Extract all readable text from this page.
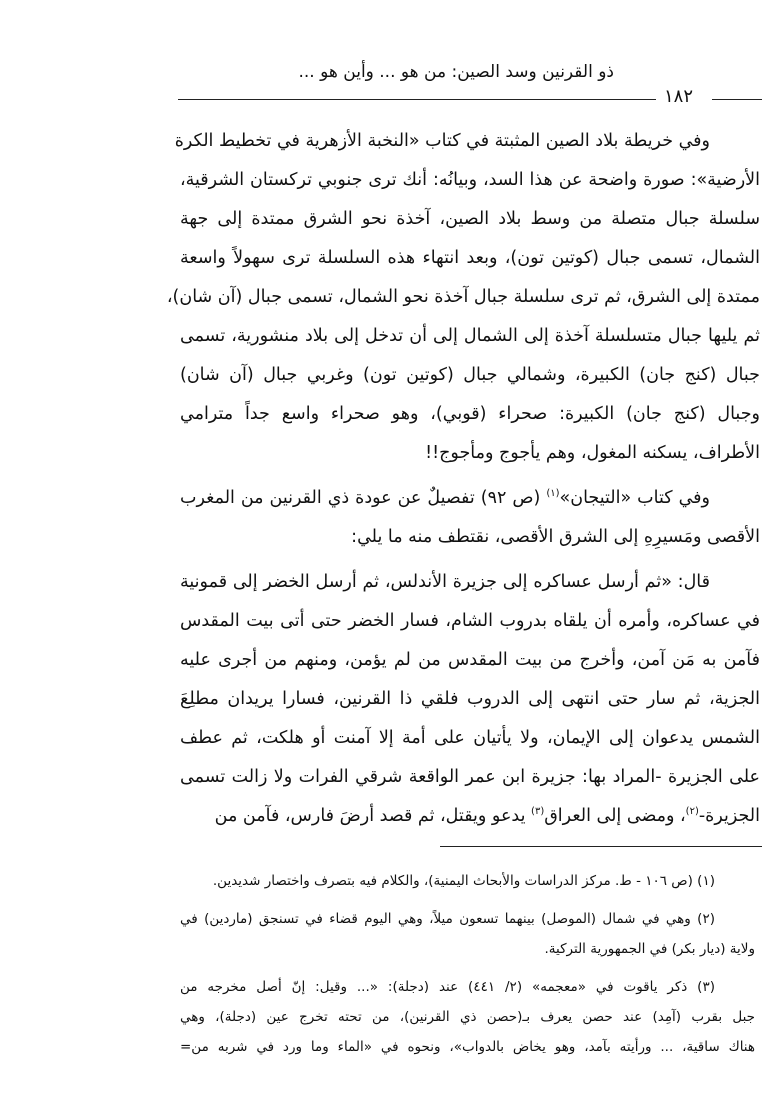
ذو القرنين وسد الصين: من هو ... وأين هو ...
١٨٢
وفي خريطة بلاد الصين المثبتة في كتاب «النخبة الأزهرية في تخطيط الكرة
الأرضية»: صورة واضحة عن هذا السد، وبيانُه: أنك ترى جنوبي تركستان الشرقية،
سلسلة جبال متصلة من وسط بلاد الصين، آخذة نحو الشرق ممتدة إلى جهة
الشمال، تسمى جبال (كوتين تون)، وبعد انتهاء هذه السلسلة ترى سهولاً واسعة
ممتدة إلى الشرق، ثم ترى سلسلة جبال آخذة نحو الشمال، تسمى جبال (آن شان)،
ثم يليها جبال متسلسلة آخذة إلى الشمال إلى أن تدخل إلى بلاد منشورية، تسمى
جبال (كنج جان) الكبيرة، وشمالي جبال (كوتين تون) وغربي جبال (آن شان)
وجبال (كنج جان) الكبيرة: صحراء (قوبي)، وهو صحراء واسع جداً مترامي
الأطراف، يسكنه المغول، وهم يأجوج ومأجوج!!
وفي كتاب «التيجان»$^{(١)}$ (ص ٩٢) تفصيلٌ عن عودة ذي القرنين من المغرب
الأقصى ومَسيرِهِ إلى الشرق الأقصى، نقتطف منه ما يلي:
قال: «ثم أرسل عساكره إلى جزيرة الأندلس، ثم أرسل الخضر إلى قمونية
في عساكره، وأمره أن يلقاه بدروب الشام، فسار الخضر حتى أتى بيت المقدس
فآمن به مَن آمن، وأخرج من بيت المقدس من لم يؤمن، ومنهم من أجرى عليه
الجزية، ثم سار حتى انتهى إلى الدروب فلقي ذا القرنين، فسارا يريدان مطلِعَ
الشمس يدعوان إلى الإيمان، ولا يأتيان على أمة إلا آمنت أو هلكت، ثم عطف
على الجزيرة -المراد بها: جزيرة ابن عمر الواقعة شرقي الفرات ولا زالت تسمى
الجزيرة-$^{(٢)}$، ومضى إلى العراق$^{(٣)}$ يدعو ويقتل، ثم قصد أرضَ فارس، فآمن من
(١) (ص ١٠٦ - ط. مركز الدراسات والأبحاث اليمنية)، والكلام فيه بتصرف واختصار شديدين.
(٢) وهي في شمال (الموصل) بينهما تسعون ميلاً، وهي اليوم قضاء في تسنجق (ماردين) في
ولاية (ديار بكر) في الجمهورية التركية.
(٣) ذكر ياقوت في «معجمه» (٢/ ٤٤١) عند (دجلة): «... وقيل: إنّ أصل مخرجه من
جبل بقرب (آمِد) عند حصن يعرف بـ(حصن ذي القرنين)، من تحته تخرج عين (دجلة)، وهي
هناك ساقية، ... ورأيته بآمد، وهو يخاض بالدواب»، ونحوه في «الماء وما ورد في شربه من=
